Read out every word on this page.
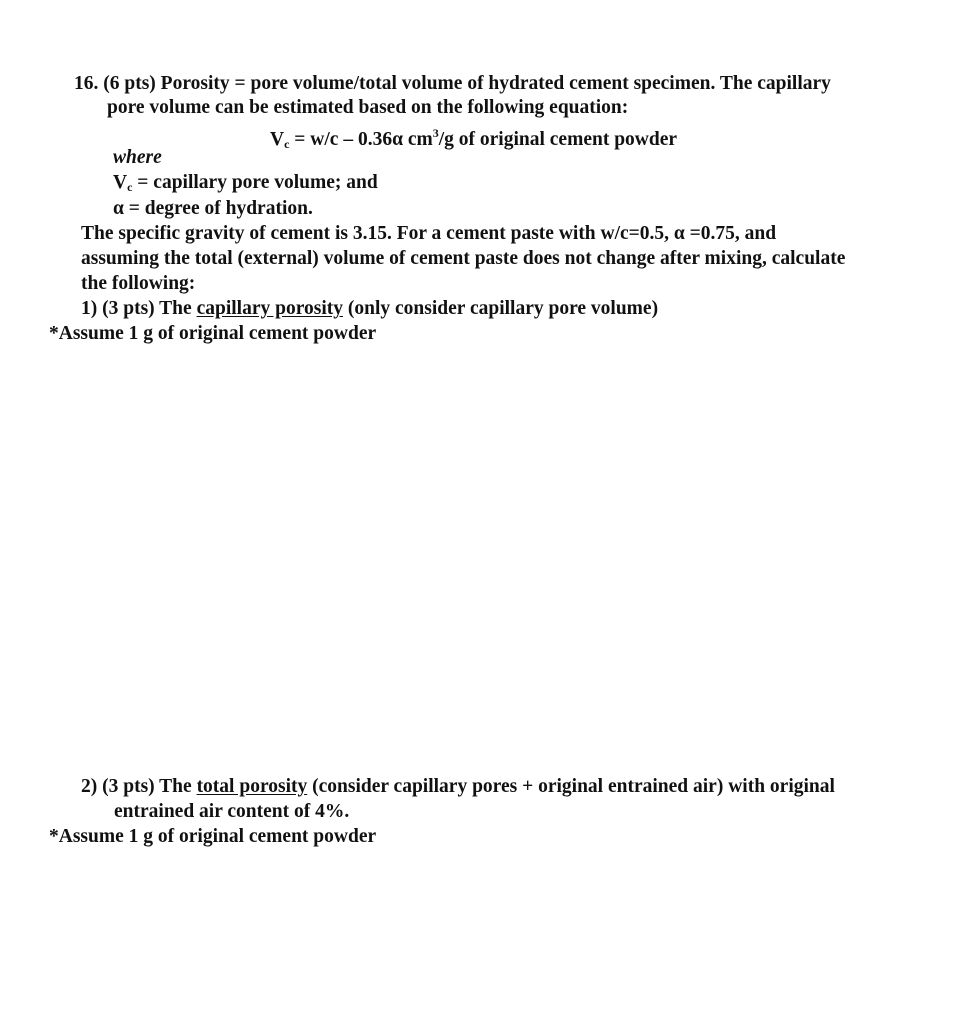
16. (6 pts) Porosity = pore volume/total volume of hydrated cement specimen. The capillary
pore volume can be estimated based on the following equation:
$V_c = w/c - 0.36\alpha$ $cm^3/g$ of original cement powder
where
$V_c$ = capillary pore volume; and
α = degree of hydration.
The specific gravity of cement is 3.15. For a cement paste with w/c=0.5, α =0.75, and
assuming the total (external) volume of cement paste does not change after mixing, calculate
the following:
1) (3 pts) The capillary porosity (only consider capillary pore volume)
*Assume 1 g of original cement powder
2) (3 pts) The total porosity (consider capillary pores + original entrained air) with original
entrained air content of 4%.
*Assume 1 g of original cement powder
